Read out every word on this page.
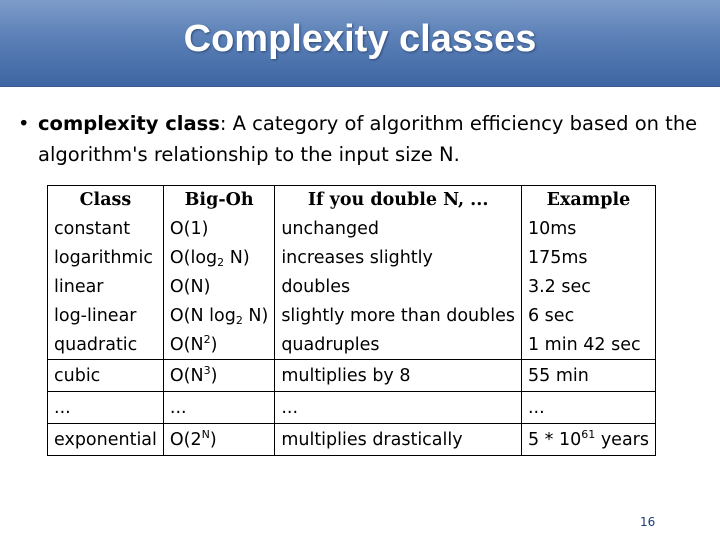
Complexity classes
• complexity class: A category of algorithm efficiency based on the algorithm's relationship to the input size N.
Class	Big-Oh	If you double N, ...	Example
constant	O(1)	unchanged	10ms
logarithmic	$O(\log_2$ N)	increases slightly	175ms
linear	O(N)	doubles	3.2 sec
log-linear	O(N $\log_2 N$)	slightly more than doubles	6 sec
quadratic	$O(N^2)$	quadruples	1 min 42 sec
cubic	$O(N^3)$	multiplies by 8	55 min
...	...	...	...
exponential	$O(2^N)$	multiplies drastically	$5 * 10^{61}$ years
16
